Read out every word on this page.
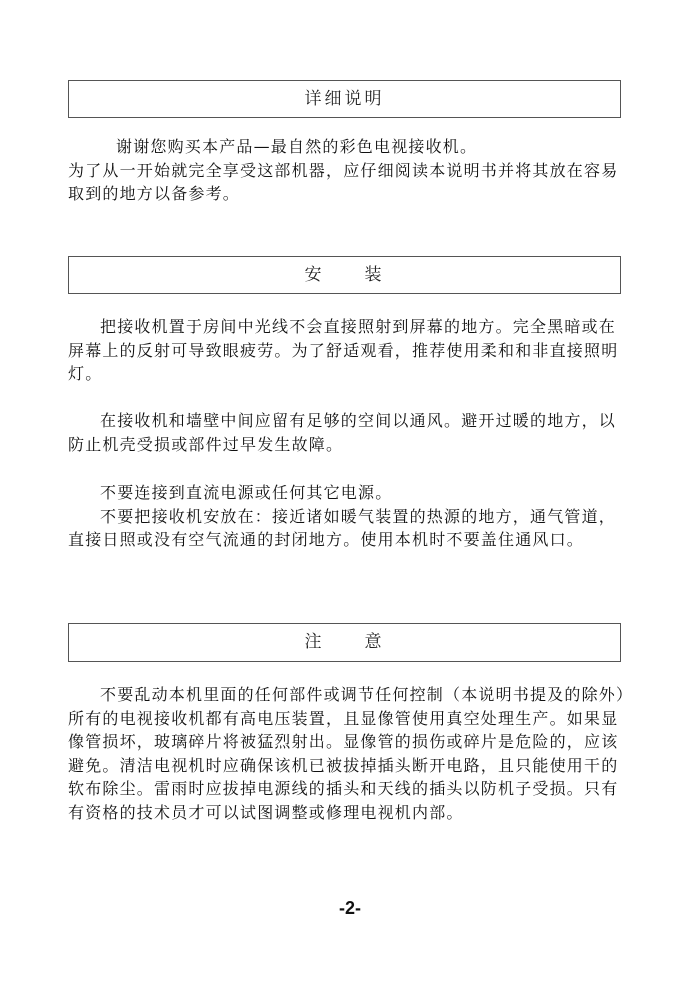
详细说明
谢谢您购买本产品—最自然的彩色电视接收机。
为了从一开始就完全享受这部机器，应仔细阅读本说明书并将其放在容易取到的地方以备参考。
安　　装

把接收机置于房间中光线不会直接照射到屏幕的地方。完全黑暗或在屏幕上的反射可导致眼疲劳。为了舒适观看，推荐使用柔和和非直接照明灯。

在接收机和墙壁中间应留有足够的空间以通风。避开过暖的地方，以防止机壳受损或部件过早发生故障。

不要连接到直流电源或任何其它电源。
不要把接收机安放在：接近诸如暖气装置的热源的地方，通气管道，直接日照或没有空气流通的封闭地方。使用本机时不要盖住通风口。
注　　意

不要乱动本机里面的任何部件或调节任何控制（本说明书提及的除外）所有的电视接收机都有高电压装置，且显像管使用真空处理生产。如果显像管损坏，玻璃碎片将被猛烈射出。显像管的损伤或碎片是危险的，应该避免。清洁电视机时应确保该机已被拔掉插头断开电路，且只能使用干的软布除尘。雷雨时应拔掉电源线的插头和天线的插头以防机子受损。只有有资格的技术员才可以试图调整或修理电视机内部。

-2-
